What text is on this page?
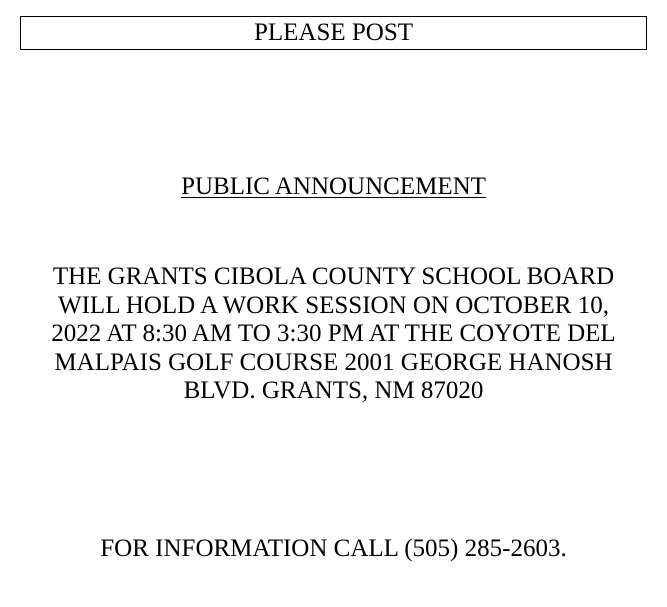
PLEASE POST
PUBLIC ANNOUNCEMENT
THE GRANTS CIBOLA COUNTY SCHOOL BOARD
WILL HOLD A WORK SESSION ON OCTOBER 10,
2022 AT 8:30 AM TO 3:30 PM AT THE COYOTE DEL
MALPAIS GOLF COURSE 2001 GEORGE HANOSH
BLVD. GRANTS, NM 87020
FOR INFORMATION CALL (505) 285-2603.
